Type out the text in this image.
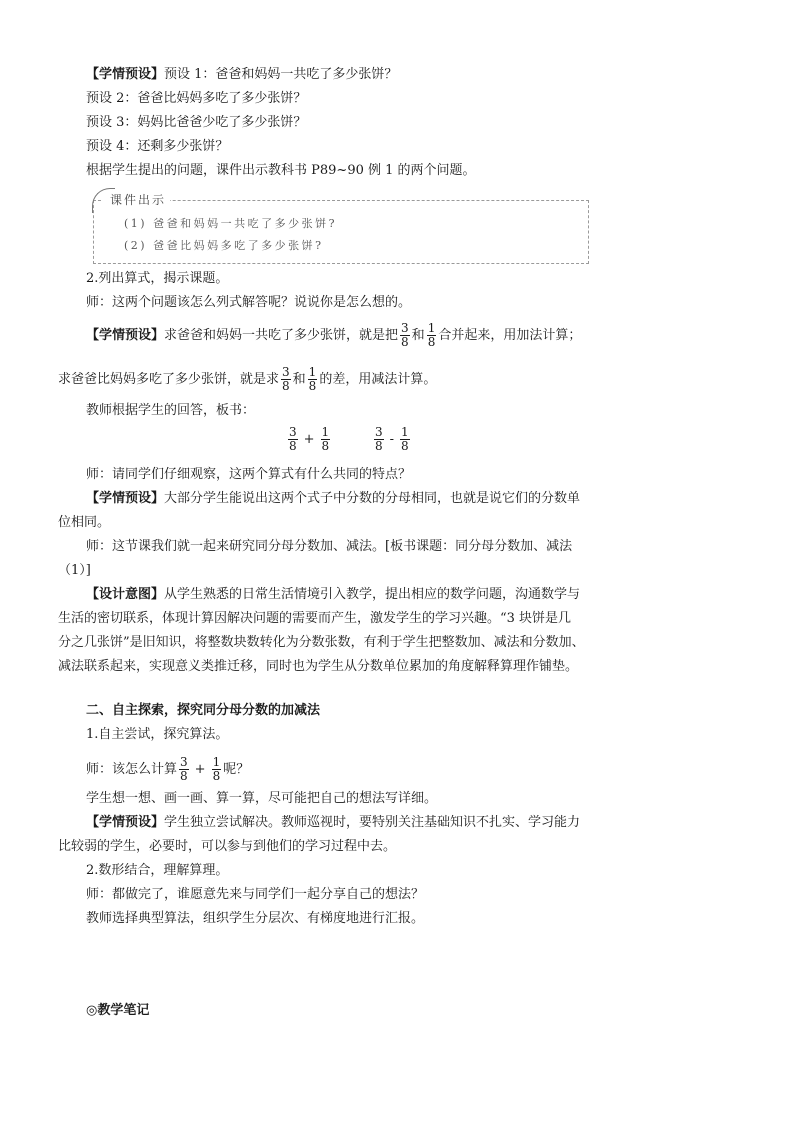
【学情预设】预设 1：爸爸和妈妈一共吃了多少张饼？
预设 2：爸爸比妈妈多吃了多少张饼？
预设 3：妈妈比爸爸少吃了多少张饼？
预设 4：还剩多少张饼？
根据学生提出的问题，课件出示教科书 P89~90 例 1 的两个问题。
课件出示
(1) 爸爸和妈妈一共吃了多少张饼?
(2) 爸爸比妈妈多吃了多少张饼?
2.列出算式，揭示课题。
师：这两个问题该怎么列式解答呢？说说你是怎么想的。
【学情预设】求爸爸和妈妈一共吃了多少张饼，就是把 $\frac{3}{8}$ 和 $\frac{1}{8}$ 合并起来，用加法计算；
求爸爸比妈妈多吃了多少张饼，就是求 $\frac{3}{8}$ 和 $\frac{1}{8}$ 的差，用减法计算。
教师根据学生的回答，板书：
$\frac{3}{8} + \frac{1}{8}$	$\frac{3}{8} - \frac{1}{8}$
师：请同学们仔细观察，这两个算式有什么共同的特点？
【学情预设】大部分学生能说出这两个式子中分数的分母相同，也就是说它们的分数单
位相同。
师：这节课我们就一起来研究同分母分数加、减法。[板书课题：同分母分数加、减法
（1）]
【设计意图】从学生熟悉的日常生活情境引入教学，提出相应的数学问题，沟通数学与
生活的密切联系，体现计算因解决问题的需要而产生，激发学生的学习兴趣。“3 块饼是几
分之几张饼”是旧知识，将整数块数转化为分数张数，有利于学生把整数加、减法和分数加、
减法联系起来，实现意义类推迁移，同时也为学生从分数单位累加的角度解释算理作铺垫。
二、自主探索，探究同分母分数的加减法
1.自主尝试，探究算法。
师：该怎么计算 $\frac{3}{8} + \frac{1}{8}$ 呢？
学生想一想、画一画、算一算，尽可能把自己的想法写详细。
【学情预设】学生独立尝试解决。教师巡视时，要特别关注基础知识不扎实、学习能力
比较弱的学生，必要时，可以参与到他们的学习过程中去。
2.数形结合，理解算理。
师：都做完了，谁愿意先来与同学们一起分享自己的想法？
教师选择典型算法，组织学生分层次、有梯度地进行汇报。
◎教学笔记
